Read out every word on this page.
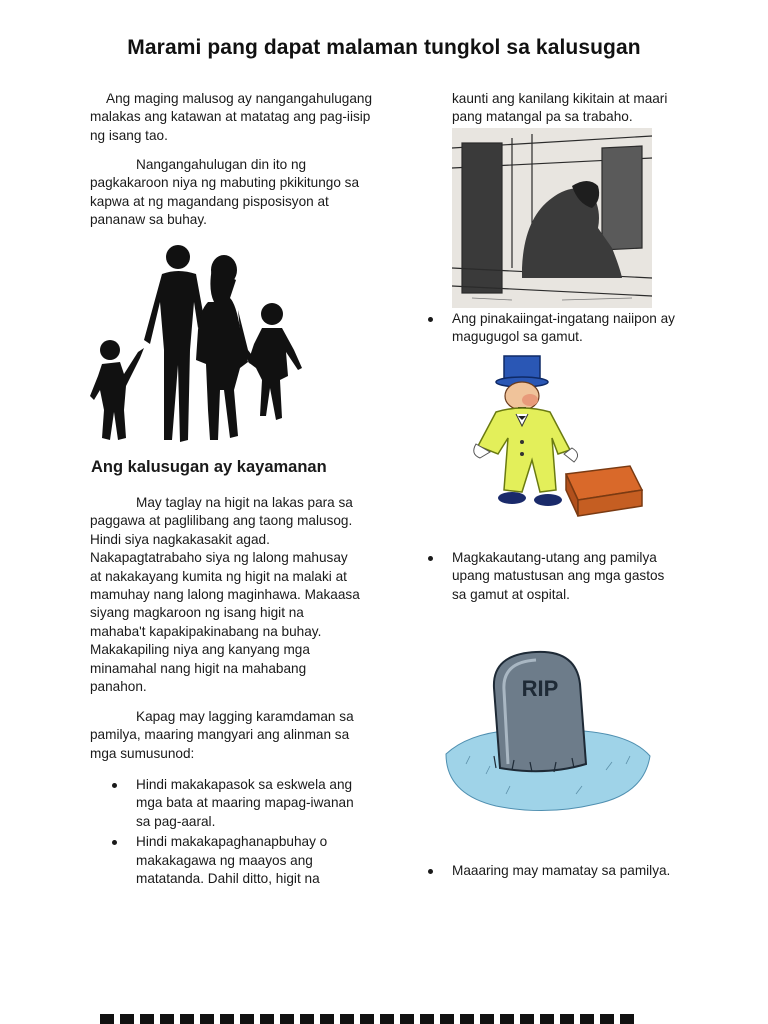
Marami pang dapat malaman tungkol sa kalusugan

Ang maging malusog ay nangangahulugang malakas ang katawan at matatag ang pag-iisip ng isang tao.

Nangangahulugan din ito ng pagkakaroon niya ng mabuting pkikitungo sa kapwa at ng magandang pisposisyon at pananaw sa buhay.

Ang kalusugan ay kayamanan

May taglay na higit na lakas para sa paggawa at paglilibang ang taong malusog. Hindi siya nagkakasakit agad. Nakapagtatrabaho siya ng lalong mahusay at nakakayang kumita ng higit na malaki at mamuhay nang lalong maginhawa. Makaasa siyang magkaroon ng isang higit na mahaba't kapakipakinabang na buhay. Makakapiling niya ang kanyang mga minamahal nang higit na mahabang panahon.

Kapag may lagging karamdaman sa pamilya, maaring mangyari ang alinman sa mga sumusunod:

Hindi makakapasok sa eskwela ang mga bata at maaring mapag-iwanan sa pag-aaral.
Hindi makakapaghanapbuhay o makakagawa ng maayos ang matatanda. Dahil ditto, higit na

kaunti ang kanilang kikitain at maari pang matangal pa sa trabaho.

Ang pinakaiingat-ingatang naiipon ay magugugol sa gamut.
Magkakautang-utang ang pamilya upang matustusan ang mga gastos sa gamut at ospital.
RIP
Maaaring may mamatay sa pamilya.
